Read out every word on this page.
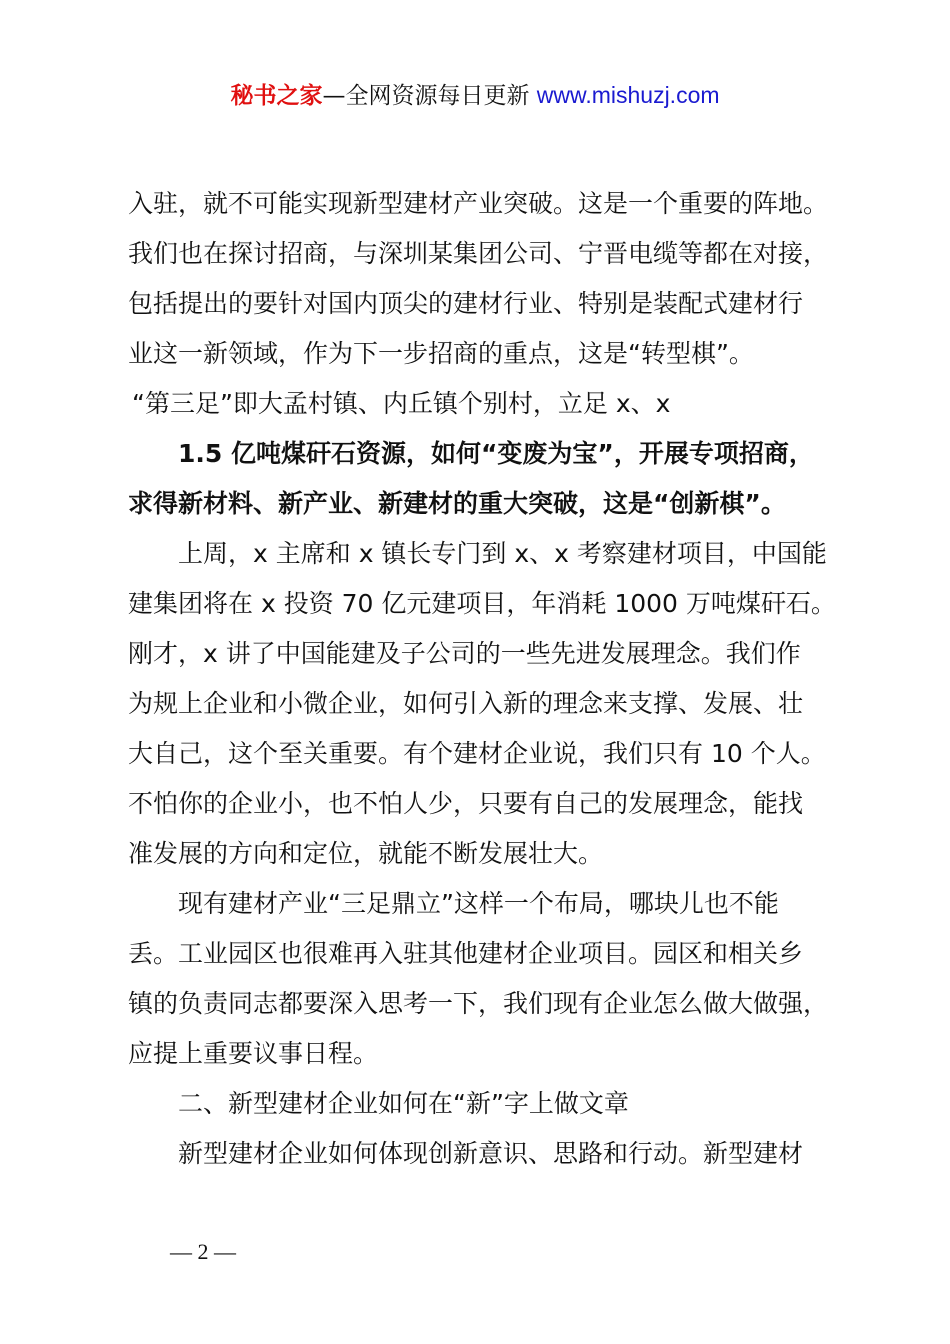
秘书之家—全网资源每日更新 www.mishuzj.com
入驻，就不可能实现新型建材产业突破。这是一个重要的阵地。
我们也在探讨招商，与深圳某集团公司、宁晋电缆等都在对接，
包括提出的要针对国内顶尖的建材行业、特别是装配式建材行
业这一新领域，作为下一步招商的重点，这是“转型棋”。
“第三足”即大孟村镇、内丘镇个别村，立足 x、x
1.5 亿吨煤矸石资源，如何“变废为宝”，开展专项招商，
求得新材料、新产业、新建材的重大突破，这是“创新棋”。
上周，x 主席和 x 镇长专门到 x、x 考察建材项目，中国能
建集团将在 x 投资 70 亿元建项目，年消耗 1000 万吨煤矸石。
刚才，x 讲了中国能建及子公司的一些先进发展理念。我们作
为规上企业和小微企业，如何引入新的理念来支撑、发展、壮
大自己，这个至关重要。有个建材企业说，我们只有 10 个人。
不怕你的企业小，也不怕人少，只要有自己的发展理念，能找
准发展的方向和定位，就能不断发展壮大。
现有建材产业“三足鼎立”这样一个布局，哪块儿也不能
丢。工业园区也很难再入驻其他建材企业项目。园区和相关乡
镇的负责同志都要深入思考一下，我们现有企业怎么做大做强，
应提上重要议事日程。
二、新型建材企业如何在“新”字上做文章
新型建材企业如何体现创新意识、思路和行动。新型建材
— 2 —
